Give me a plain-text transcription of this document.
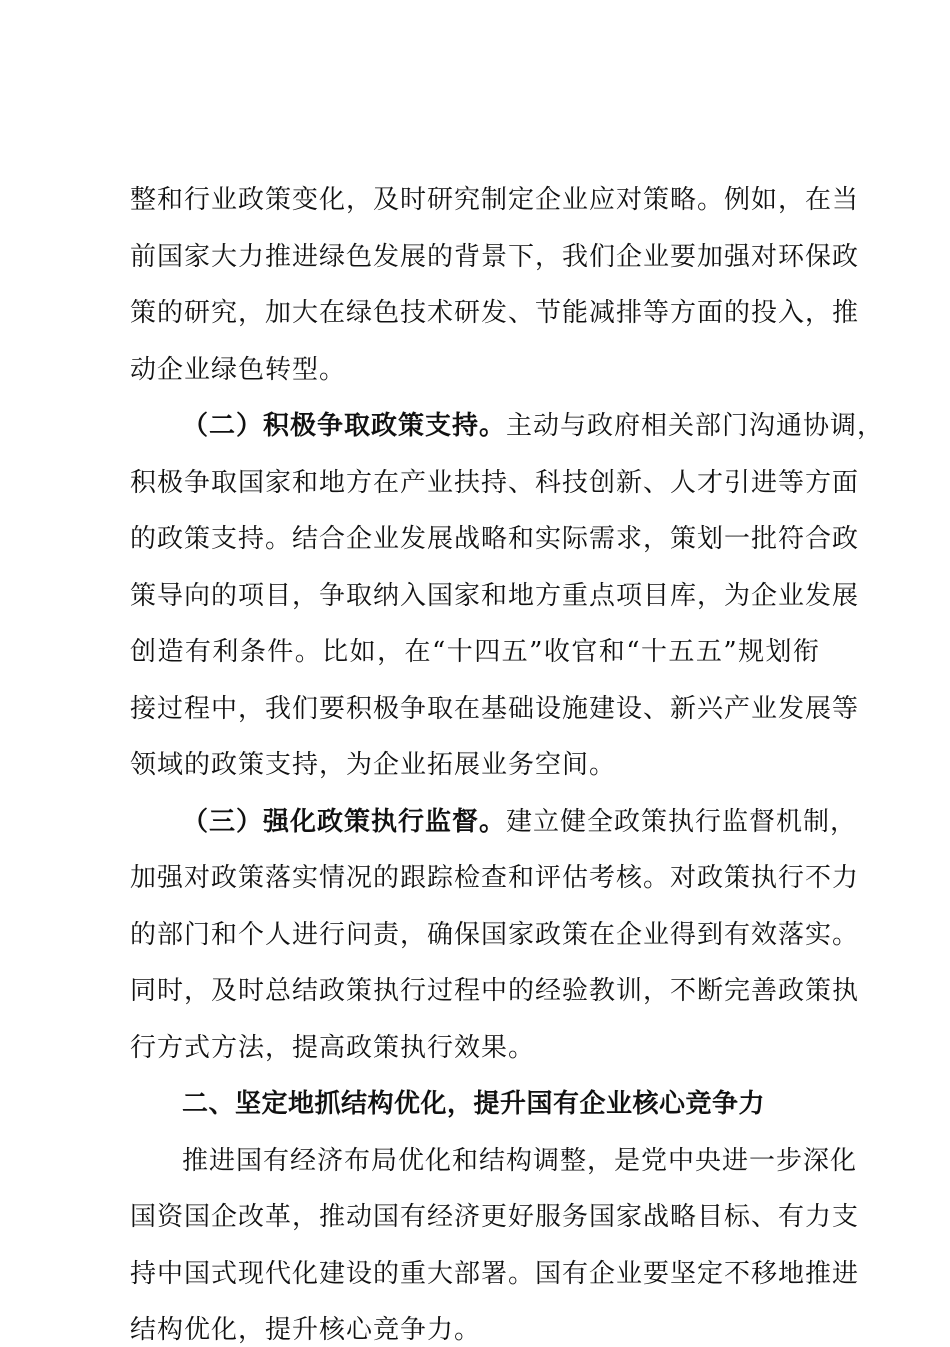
整和行业政策变化，及时研究制定企业应对策略。例如，在当
前国家大力推进绿色发展的背景下，我们企业要加强对环保政
策的研究，加大在绿色技术研发、节能减排等方面的投入，推
动企业绿色转型。
（二）积极争取政策支持。主动与政府相关部门沟通协调，
积极争取国家和地方在产业扶持、科技创新、人才引进等方面
的政策支持。结合企业发展战略和实际需求，策划一批符合政
策导向的项目，争取纳入国家和地方重点项目库，为企业发展
创造有利条件。比如，在“十四五”收官和“十五五”规划衔
接过程中，我们要积极争取在基础设施建设、新兴产业发展等
领域的政策支持，为企业拓展业务空间。
（三）强化政策执行监督。建立健全政策执行监督机制，
加强对政策落实情况的跟踪检查和评估考核。对政策执行不力
的部门和个人进行问责，确保国家政策在企业得到有效落实。
同时，及时总结政策执行过程中的经验教训，不断完善政策执
行方式方法，提高政策执行效果。
二、坚定地抓结构优化，提升国有企业核心竞争力
推进国有经济布局优化和结构调整，是党中央进一步深化
国资国企改革，推动国有经济更好服务国家战略目标、有力支
持中国式现代化建设的重大部署。国有企业要坚定不移地推进
结构优化，提升核心竞争力。
